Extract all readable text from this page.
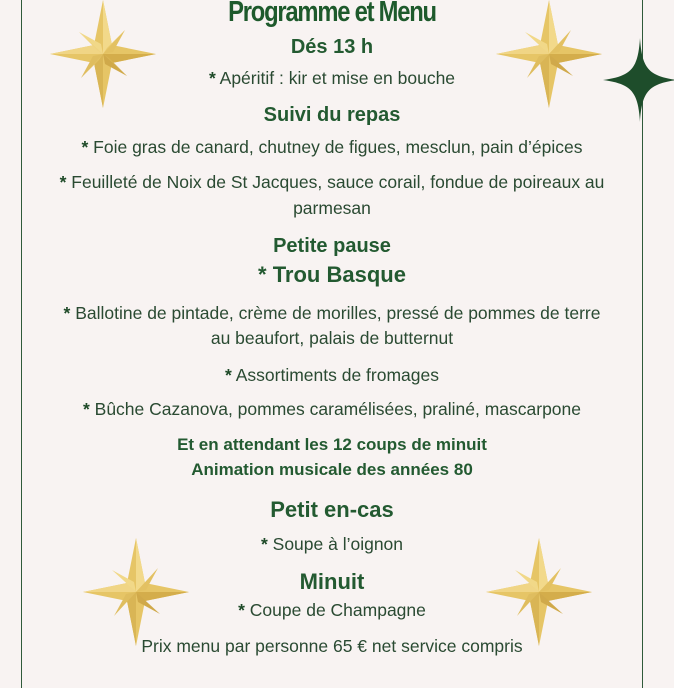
Programme et Menu
Dés 13 h
* Apéritif : kir et mise en bouche
Suivi du repas
* Foie gras de canard, chutney de figues, mesclun, pain d’épices
* Feuilleté de Noix de St Jacques, sauce corail, fondue de poireaux au
parmesan
Petite pause
* Trou Basque
* Ballotine de pintade, crème de morilles, pressé de pommes de terre
au beaufort, palais de butternut
* Assortiments de fromages
* Bûche Cazanova, pommes caramélisées, praliné, mascarpone
Et en attendant les 12 coups de minuit
Animation musicale des années 80
Petit en-cas
* Soupe à l’oignon
Minuit
* Coupe de Champagne
Prix menu par personne 65 € net service compris
